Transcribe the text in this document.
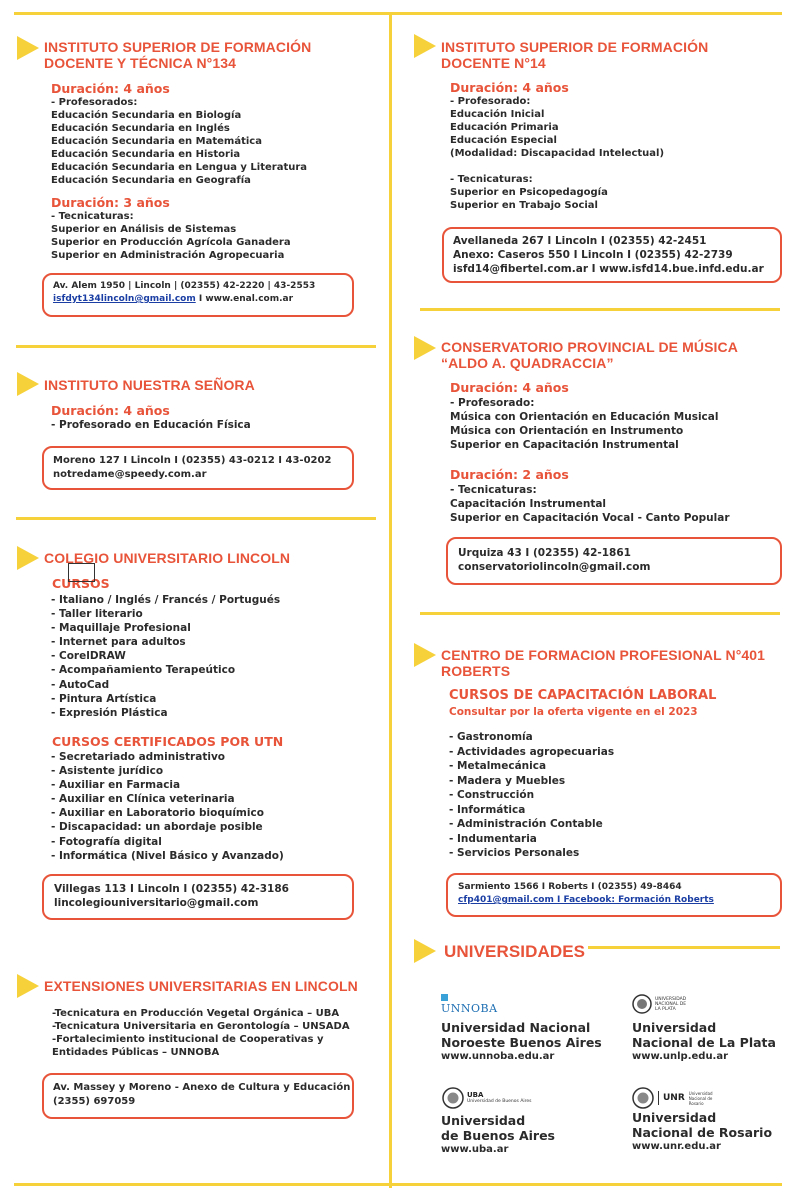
INSTITUTO SUPERIOR DE FORMACIÓN
DOCENTE Y TÉCNICA N°134
Duración: 4 años
- Profesorados:
Educación Secundaria en Biología
Educación Secundaria en Inglés
Educación Secundaria en Matemática
Educación Secundaria en Historia
Educación Secundaria en Lengua y Literatura
Educación Secundaria en Geografía
Duración: 3 años
- Tecnicaturas:
Superior en Análisis de Sistemas
Superior en Producción Agrícola Ganadera
Superior en Administración Agropecuaria
Av. Alem 1950 | Lincoln | (02355) 42-2220 | 43-2553
isfdyt134lincoln@gmail.com I www.enal.com.ar
INSTITUTO NUESTRA SEÑORA
Duración: 4 años
- Profesorado en Educación Física
Moreno 127 I Lincoln I (02355) 43-0212 I 43-0202
notredame@speedy.com.ar
COLEGIO UNIVERSITARIO LINCOLN
CURSOS
- Italiano / Inglés / Francés / Portugués
- Taller literario
- Maquillaje Profesional
- Internet para adultos
- CorelDRAW
- Acompañamiento Terapeútico
- AutoCad
- Pintura Artística
- Expresión Plástica
CURSOS CERTIFICADOS POR UTN
- Secretariado administrativo
- Asistente jurídico
- Auxiliar en Farmacia
- Auxiliar en Clínica veterinaria
- Auxiliar en Laboratorio bioquímico
- Discapacidad: un abordaje posible
- Fotografía digital
- Informática (Nivel Básico y Avanzado)
Villegas 113 I Lincoln I (02355) 42-3186
lincolegiouniversitario@gmail.com
EXTENSIONES UNIVERSITARIAS EN LINCOLN
-Tecnicatura en Producción Vegetal Orgánica – UBA
-Tecnicatura Universitaria en Gerontología – UNSADA
-Fortalecimiento institucional de Cooperativas y
Entidades Públicas – UNNOBA
Av. Massey y Moreno - Anexo de Cultura y Educación
(2355) 697059
INSTITUTO SUPERIOR DE FORMACIÓN
DOCENTE N°14
Duración: 4 años
- Profesorado:
Educación Inicial
Educación Primaria
Educación Especial
(Modalidad: Discapacidad Intelectual)

- Tecnicaturas:
Superior en Psicopedagogía
Superior en Trabajo Social
Avellaneda 267 I Lincoln I (02355) 42-2451
Anexo: Caseros 550 I Lincoln I (02355) 42-2739
isfd14@fibertel.com.ar I www.isfd14.bue.infd.edu.ar
CONSERVATORIO PROVINCIAL DE MÚSICA
“ALDO A. QUADRACCIA”
Duración: 4 años
- Profesorado:
Música con Orientación en Educación Musical
Música con Orientación en Instrumento
Superior en Capacitación Instrumental
Duración: 2 años
- Tecnicaturas:
Capacitación Instrumental
Superior en Capacitación Vocal - Canto Popular
Urquiza 43 I (02355) 42-1861
conservatoriolincoln@gmail.com
CENTRO DE FORMACION PROFESIONAL N°401
ROBERTS
CURSOS DE CAPACITACIÓN LABORAL
Consultar por la oferta vigente en el 2023
- Gastronomía
- Actividades agropecuarias
- Metalmecánica
- Madera y Muebles
- Construcción
- Informática
- Administración Contable
- Indumentaria
- Servicios Personales
Sarmiento 1566 I Roberts I (02355) 49-8464
cfp401@gmail.com I Facebook: Formación Roberts
UNIVERSIDADES
UNNOBA
Universidad Nacional
Noroeste Buenos Aires
www.unnoba.edu.ar
UNIVERSIDAD NACIONAL DE LA PLATA
Universidad
Nacional de La Plata
www.unlp.edu.ar
UBA
Universidad de Buenos Aires
Universidad
de Buenos Aires
www.uba.ar
UNR Universidad Nacional de Rosario
Universidad
Nacional de Rosario
www.unr.edu.ar
